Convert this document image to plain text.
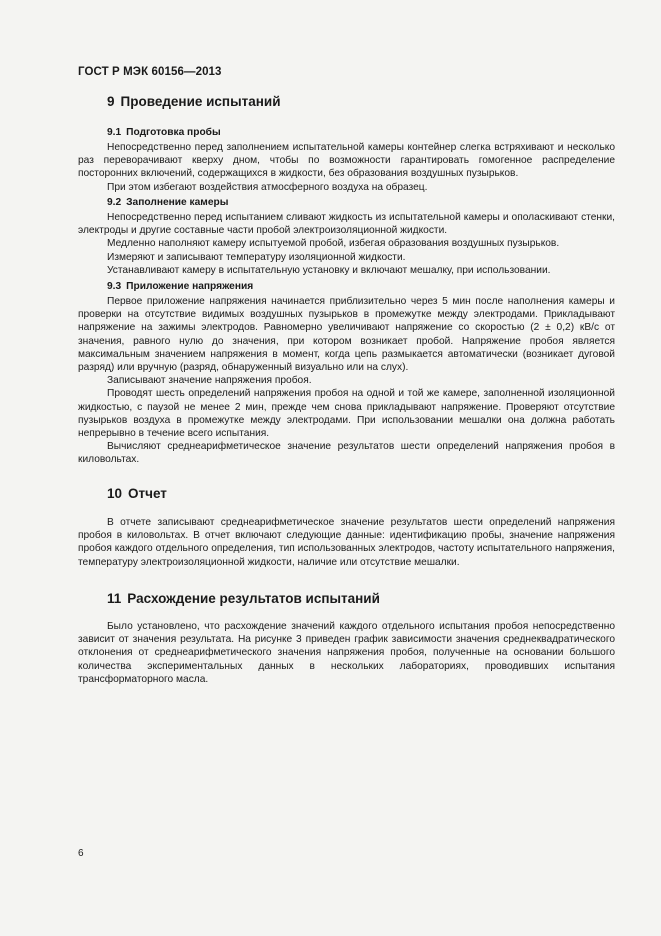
ГОСТ Р МЭК 60156—2013
9 Проведение испытаний
9.1 Подготовка пробы

Непосредственно перед заполнением испытательной камеры контейнер слегка встряхивают и несколько раз переворачивают кверху дном, чтобы по возможности гарантировать гомогенное распределение посторонних включений, содержащихся в жидкости, без образования воздушных пузырьков.

При этом избегают воздействия атмосферного воздуха на образец.

9.2 Заполнение камеры

Непосредственно перед испытанием сливают жидкость из испытательной камеры и ополаскивают стенки, электроды и другие составные части пробой электроизоляционной жидкости.

Медленно наполняют камеру испытуемой пробой, избегая образования воздушных пузырьков.

Измеряют и записывают температуру изоляционной жидкости.

Устанавливают камеру в испытательную установку и включают мешалку, при использовании.

9.3 Приложение напряжения

Первое приложение напряжения начинается приблизительно через 5 мин после наполнения камеры и проверки на отсутствие видимых воздушных пузырьков в промежутке между электродами. Прикладывают напряжение на зажимы электродов. Равномерно увеличивают напряжение со скоростью (2 ± 0,2) кВ/с от значения, равного нулю до значения, при котором возникает пробой. Напряжение пробоя является максимальным значением напряжения в момент, когда цепь размыкается автоматически (возникает дуговой разряд) или вручную (разряд, обнаруженный визуально или на слух).

Записывают значение напряжения пробоя.

Проводят шесть определений напряжения пробоя на одной и той же камере, заполненной изоляционной жидкостью, с паузой не менее 2 мин, прежде чем снова прикладывают напряжение. Проверяют отсутствие пузырьков воздуха в промежутке между электродами. При использовании мешалки она должна работать непрерывно в течение всего испытания.

Вычисляют среднеарифметическое значение результатов шести определений напряжения пробоя в киловольтах.

10 Отчет

В отчете записывают среднеарифметическое значение результатов шести определений напряжения пробоя в киловольтах. В отчет включают следующие данные: идентификацию пробы, значение напряжения пробоя каждого отдельного определения, тип использованных электродов, частоту испытательного напряжения, температуру электроизоляционной жидкости, наличие или отсутствие мешалки.

11 Расхождение результатов испытаний

Было установлено, что расхождение значений каждого отдельного испытания пробоя непосредственно зависит от значения результата. На рисунке 3 приведен график зависимости значения среднеквадратического отклонения от среднеарифметического значения напряжения пробоя, полученные на основании большого количества экспериментальных данных в нескольких лабораториях, проводивших испытания трансформаторного масла.

6
